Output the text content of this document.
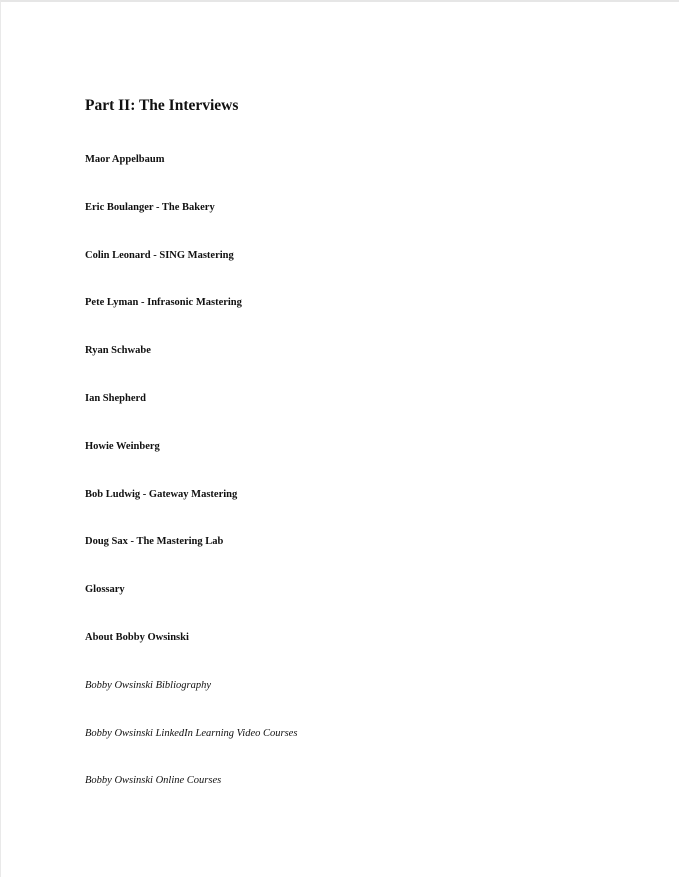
Part II: The Interviews
Maor Appelbaum
Eric Boulanger - The Bakery
Colin Leonard - SING Mastering
Pete Lyman - Infrasonic Mastering
Ryan Schwabe
Ian Shepherd
Howie Weinberg
Bob Ludwig - Gateway Mastering
Doug Sax - The Mastering Lab
Glossary
About Bobby Owsinski
Bobby Owsinski Bibliography
Bobby Owsinski LinkedIn Learning Video Courses
Bobby Owsinski Online Courses
